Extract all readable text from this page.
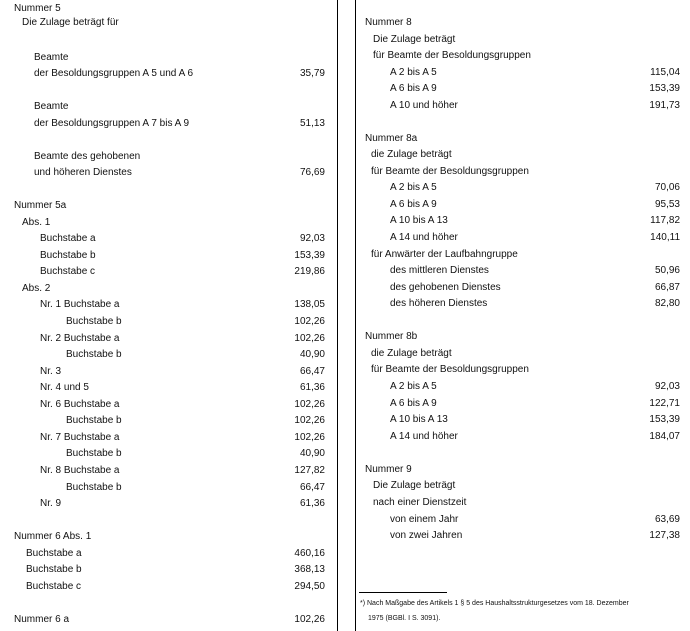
Nummer 5
Die Zulage beträgt für
Beamte
der Besoldungsgruppen A 5 und A 6	35,79
Beamte
der Besoldungsgruppen A 7 bis A 9	51,13
Beamte des gehobenen
und höheren Dienstes	76,69
Nummer 5a
Abs. 1
Buchstabe a	92,03
Buchstabe b	153,39
Buchstabe c	219,86
Abs. 2
Nr. 1 Buchstabe a	138,05
Buchstabe b	102,26
Nr. 2 Buchstabe a	102,26
Buchstabe b	40,90
Nr. 3	66,47
Nr. 4 und 5	61,36
Nr. 6 Buchstabe a	102,26
Buchstabe b	102,26
Nr. 7 Buchstabe a	102,26
Buchstabe b	40,90
Nr. 8 Buchstabe a	127,82
Buchstabe b	66,47
Nr. 9	61,36
Nummer 6 Abs. 1
Buchstabe a	460,16
Buchstabe b	368,13
Buchstabe c	294,50
Nummer 6 a	102,26
Nummer 8
Die Zulage beträgt
für Beamte der Besoldungsgruppen
A 2 bis A 5	115,04
A 6 bis A 9	153,39
A 10 und höher	191,73
Nummer 8a
die Zulage beträgt
für Beamte der Besoldungsgruppen
A 2 bis A 5	70,06
A 6 bis A 9	95,53
A 10 bis A 13	117,82
A 14 und höher	140,11
für Anwärter der Laufbahngruppe
des mittleren Dienstes	50,96
des gehobenen Dienstes	66,87
des höheren Dienstes	82,80
Nummer 8b
die Zulage beträgt
für Beamte der Besoldungsgruppen
A 2 bis A 5	92,03
A 6 bis A 9	122,71
A 10 bis A 13	153,39
A 14 und höher	184,07
Nummer 9
Die Zulage beträgt
nach einer Dienstzeit
von einem Jahr	63,69
von zwei Jahren	127,38
*) Nach Maßgabe des Artikels 1 § 5 des Haushaltsstrukturgesetzes vom 18. Dezember
1975 (BGBl. I S. 3091).
